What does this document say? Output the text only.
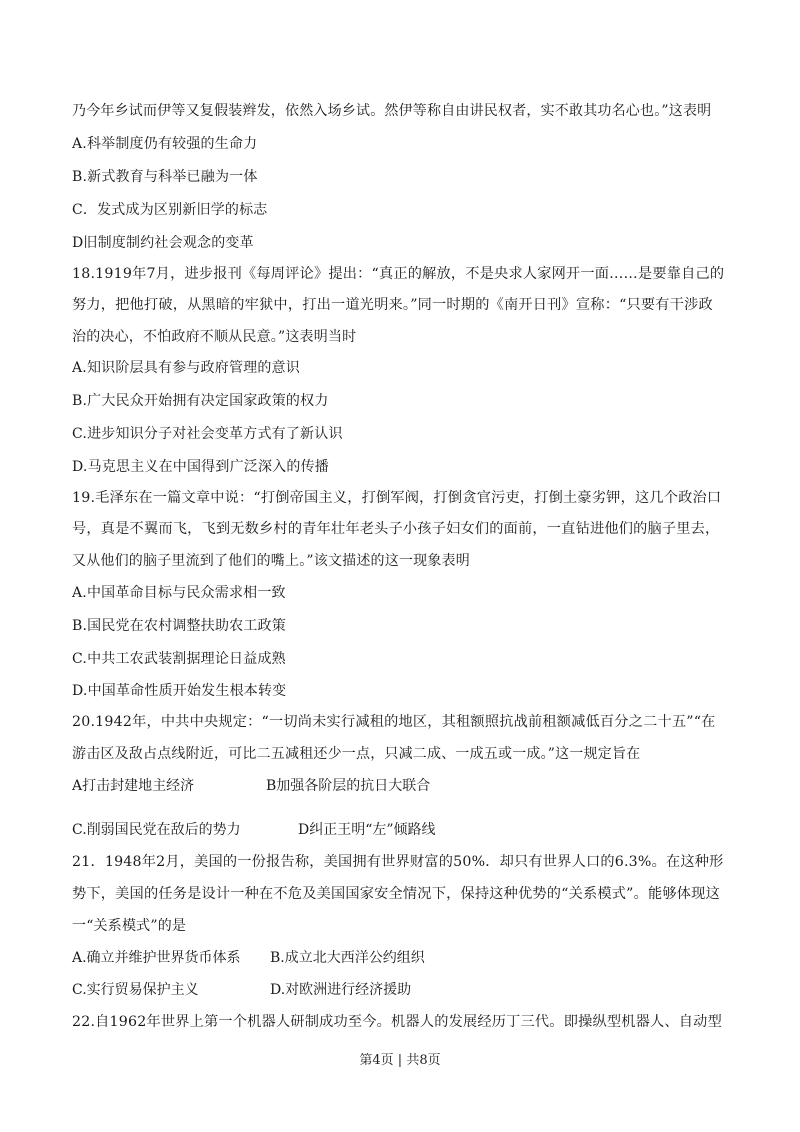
乃今年乡试而伊等又复假装辫发，依然入场乡试。然伊等称自由讲民权者，实不敢其功名心也。”这表明
A.科举制度仍有较强的生命力
B.新式教育与科举已融为一体
C．发式成为区别新旧学的标志
D旧制度制约社会观念的变革
18.1919年7月，进步报刊《每周评论》提出：“真正的解放，不是央求人家网开一面……是要靠自己的
努力，把他打破，从黑暗的牢狱中，打出一道光明来。”同一时期的《南开日刊》宣称：“只要有干涉政
治的决心，不怕政府不顺从民意。”这表明当时
A.知识阶层具有参与政府管理的意识
B.广大民众开始拥有决定国家政策的权力
C.进步知识分子对社会变革方式有了新认识
D.马克思主义在中国得到广泛深入的传播
19.毛泽东在一篇文章中说：“打倒帝国主义，打倒军阀，打倒贪官污吏，打倒土豪劣钾，这几个政治口
号，真是不翼而飞，飞到无数乡村的青年壮年老头子小孩子妇女们的面前，一直钻进他们的脑子里去，
又从他们的脑子里流到了他们的嘴上。”该文描述的这一现象表明
A.中国革命目标与民众需求相一致
B.国民党在农村调整扶助农工政策
C.中共工农武装割据理论日益成熟
D.中国革命性质开始发生根本转变
20.1942年，中共中央规定：“一切尚未实行减租的地区，其租额照抗战前租额减低百分之二十五”“在
游击区及敌占点线附近，可比二五减租还少一点，只减二成、一成五或一成。”这一规定旨在
A打击封建地主经济	B加强各阶层的抗日大联合
C.削弱国民党在敌后的势力	D纠正王明“左”倾路线
21．1948年2月，美国的一份报告称，美国拥有世界财富的50%．却只有世界人口的6.3%。在这种形
势下，美国的任务是设计一种在不危及美国国家安全情况下，保持这种优势的“关系模式”。能够体现这
一“关系模式”的是
A.确立并维护世界货币体系 B.成立北大西洋公约组织
C.实行贸易保护主义	D.对欧洲进行经济援助
22.自1962年世界上第一个机器人研制成功至今。机器人的发展经历丁三代。即操纵型机器人、自动型
第4页 | 共8页
